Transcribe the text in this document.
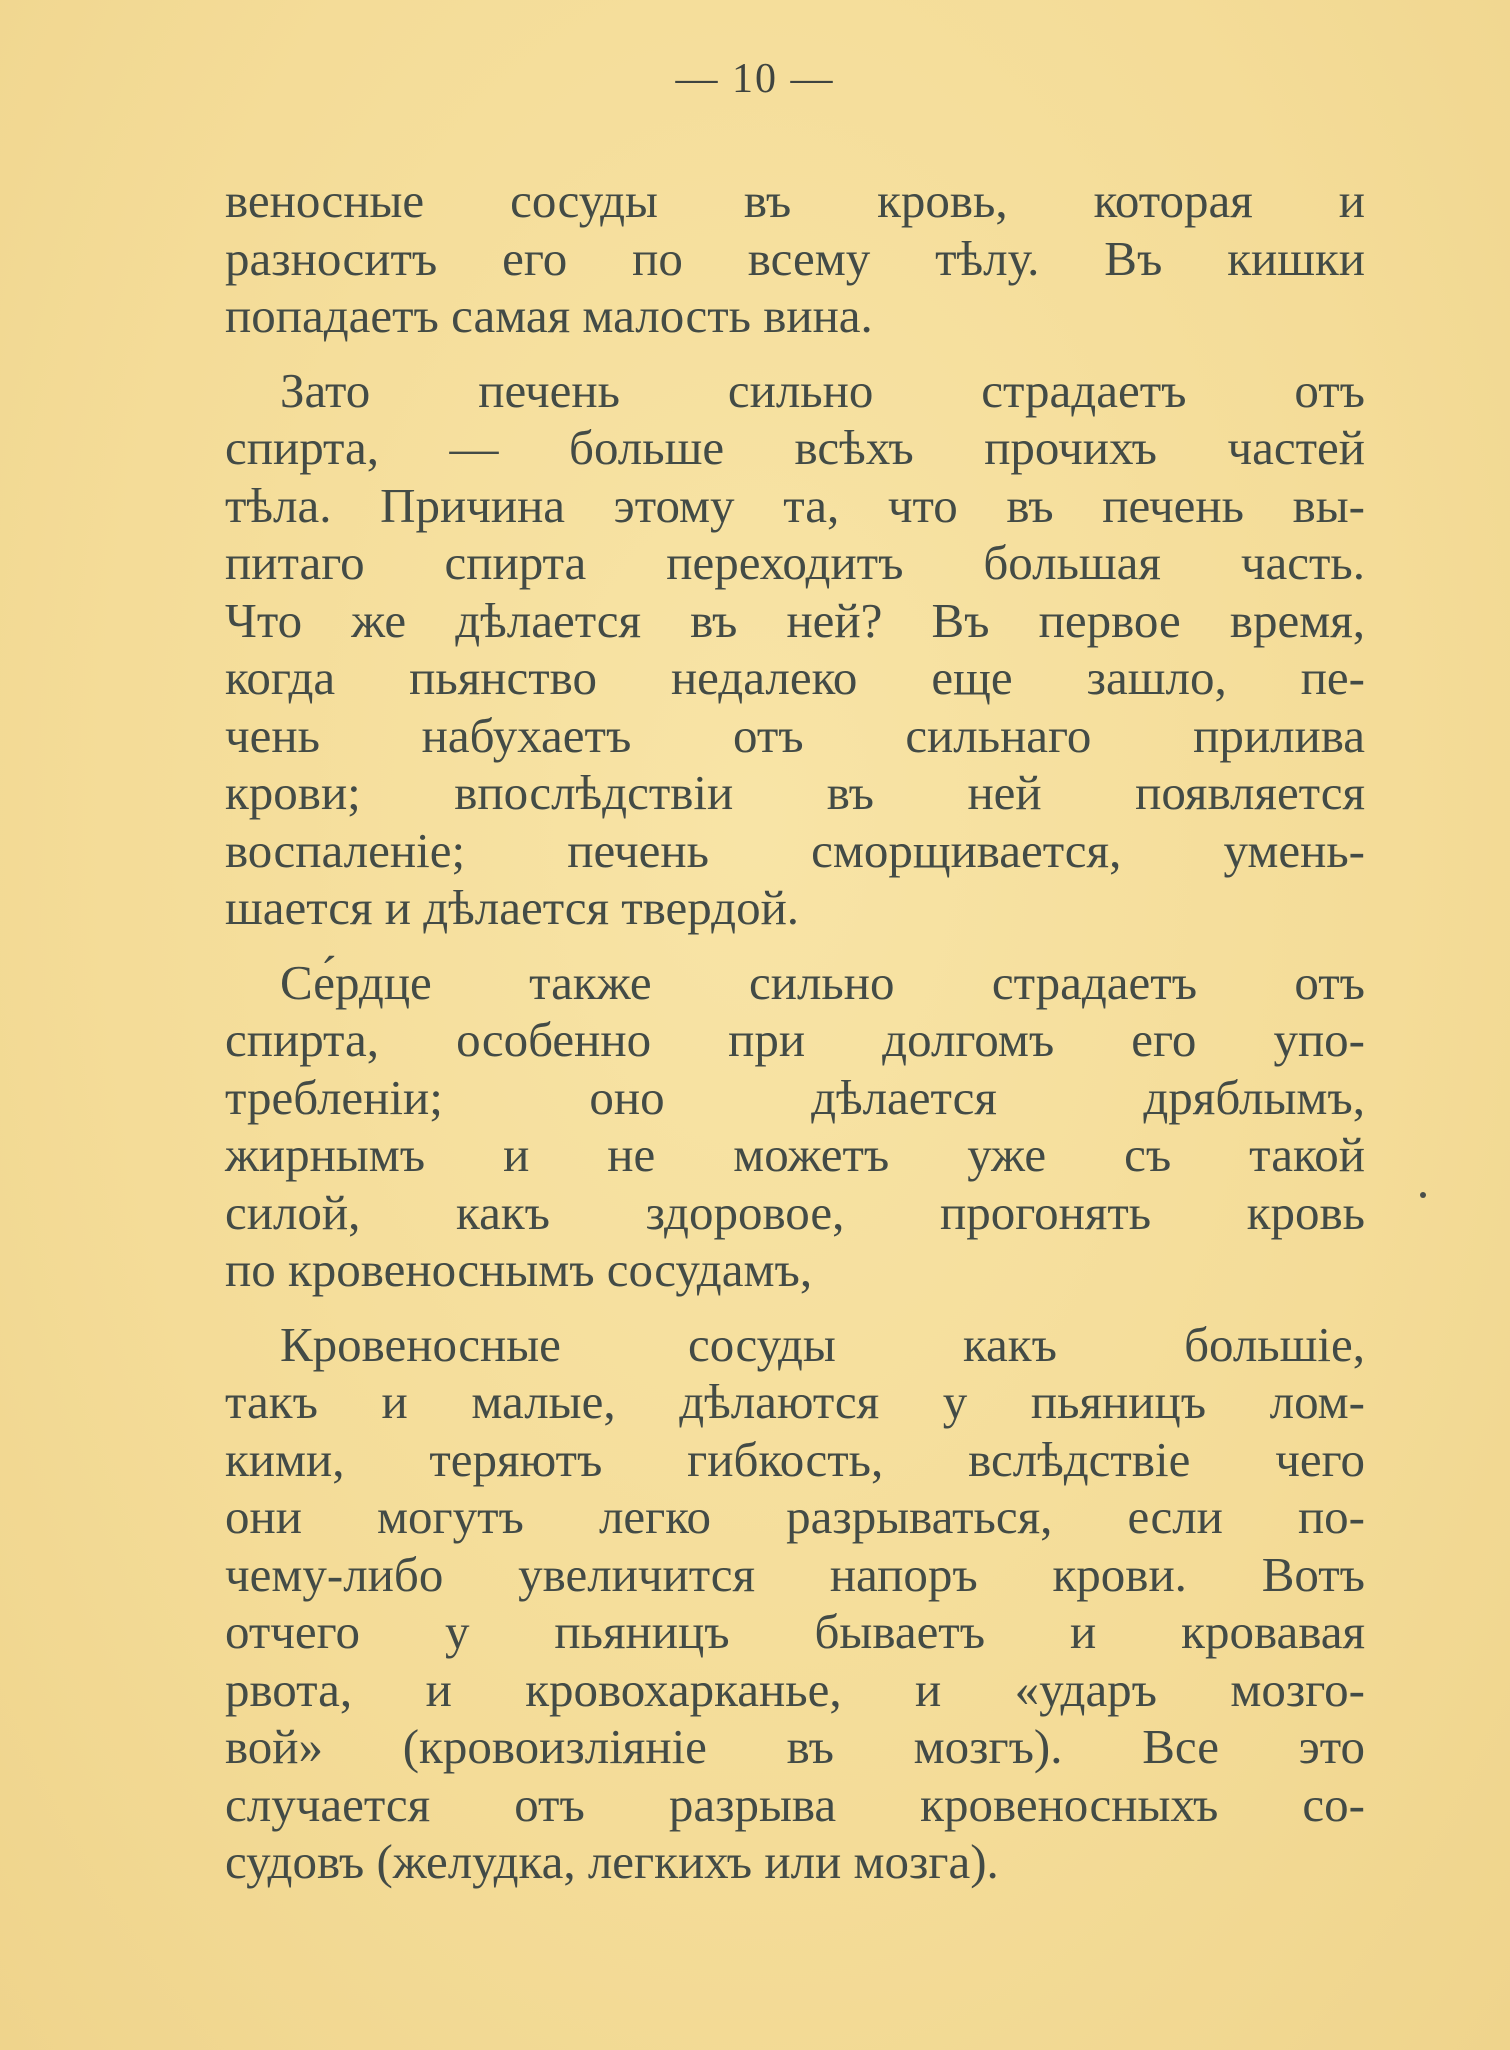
— 10 —

веносные сосуды въ кровь, которая и
разноситъ его по всему тѣлу. Въ кишки
попадаетъ самая малость вина.

Зато печень сильно страдаетъ отъ
спирта, — больше всѣхъ прочихъ частей
тѣла. Причина этому та, что въ печень вы-
питаго спирта переходитъ большая часть.
Что же дѣлается въ ней? Въ первое время,
когда пьянство недалеко еще зашло, пе-
чень набухаетъ отъ сильнаго прилива
крови; впослѣдствіи въ ней появляется
воспаленіе; печень сморщивается, умень-
шается и дѣлается твердой.

Се́рдце также сильно страдаетъ отъ
спирта, особенно при долгомъ его упо-
требленіи; оно дѣлается дряблымъ,
жирнымъ и не можетъ уже съ такой
силой, какъ здоровое, прогонять кровь
по кровеноснымъ сосудамъ,

Кровеносные сосуды какъ большіе,
такъ и малые, дѣлаются у пьяницъ лом-
кими, теряютъ гибкость, вслѣдствіе чего
они могутъ легко разрываться, если по-
чему-либо увеличится напоръ крови. Вотъ
отчего у пьяницъ бываетъ и кровавая
рвота, и кровохарканье, и «ударъ мозго-
вой» (кровоизліяніе въ мозгъ). Все это
случается отъ разрыва кровеносныхъ со-
судовъ (желудка, легкихъ или мозга).
